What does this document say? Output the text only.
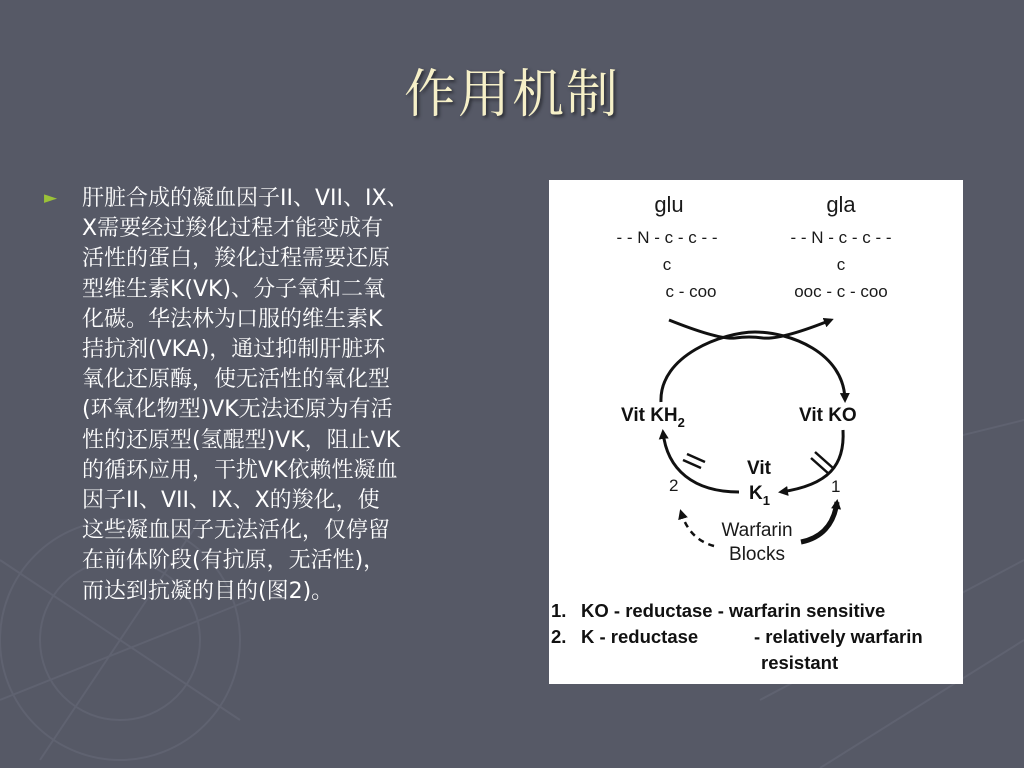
作用机制
► 肝脏合成的凝血因子II、VII、IX、
X需要经过羧化过程才能变成有
活性的蛋白，羧化过程需要还原
型维生素K(VK)、分子氧和二氧
化碳。华法林为口服的维生素K
拮抗剂(VKA)，通过抑制肝脏环
氧化还原酶，使无活性的氧化型
(环氧化物型)VK无法还原为有活
性的还原型(氢醌型)VK，阻止VK
的循环应用，干扰VK依赖性凝血
因子II、VII、IX、X的羧化，使
这些凝血因子无法活化，仅停留
在前体阶段(有抗原，无活性)，
而达到抗凝的目的(图2)。
glu	gla
- - N - c - c - -
c
c - coo
- - N - c - c - -
c
ooc - c - coo
Vit $KH_2$	Vit KO
Vit
$K_1$
2	1
Warfarin
Blocks
1. KO - reductase - warfarin sensitive
2. K - reductase	- relatively warfarin
resistant
